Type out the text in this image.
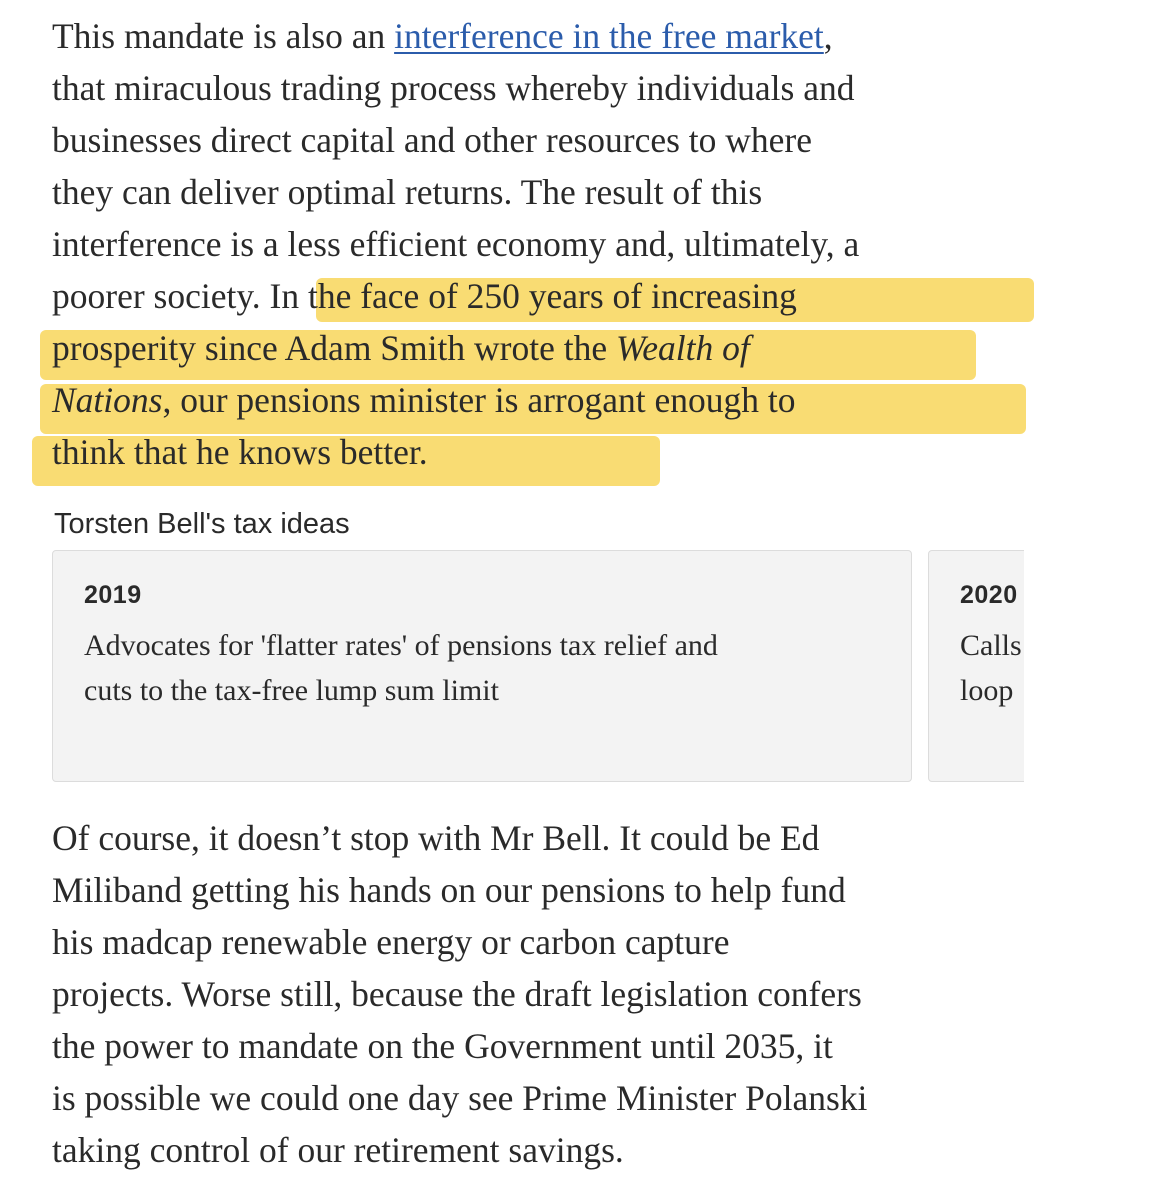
This mandate is also an interference in the free market,
that miraculous trading process whereby individuals and
businesses direct capital and other resources to where
they can deliver optimal returns. The result of this
interference is a less efficient economy and, ultimately, a
poorer society. In the face of 250 years of increasing
prosperity since Adam Smith wrote the Wealth of
Nations, our pensions minister is arrogant enough to
think that he knows better.
Torsten Bell's tax ideas
2019
Advocates for 'flatter rates' of pensions tax relief and
cuts to the tax-free lump sum limit
2020
Calls
loop
Of course, it doesn’t stop with Mr Bell. It could be Ed
Miliband getting his hands on our pensions to help fund
his madcap renewable energy or carbon capture
projects. Worse still, because the draft legislation confers
the power to mandate on the Government until 2035, it
is possible we could one day see Prime Minister Polanski
taking control of our retirement savings.
